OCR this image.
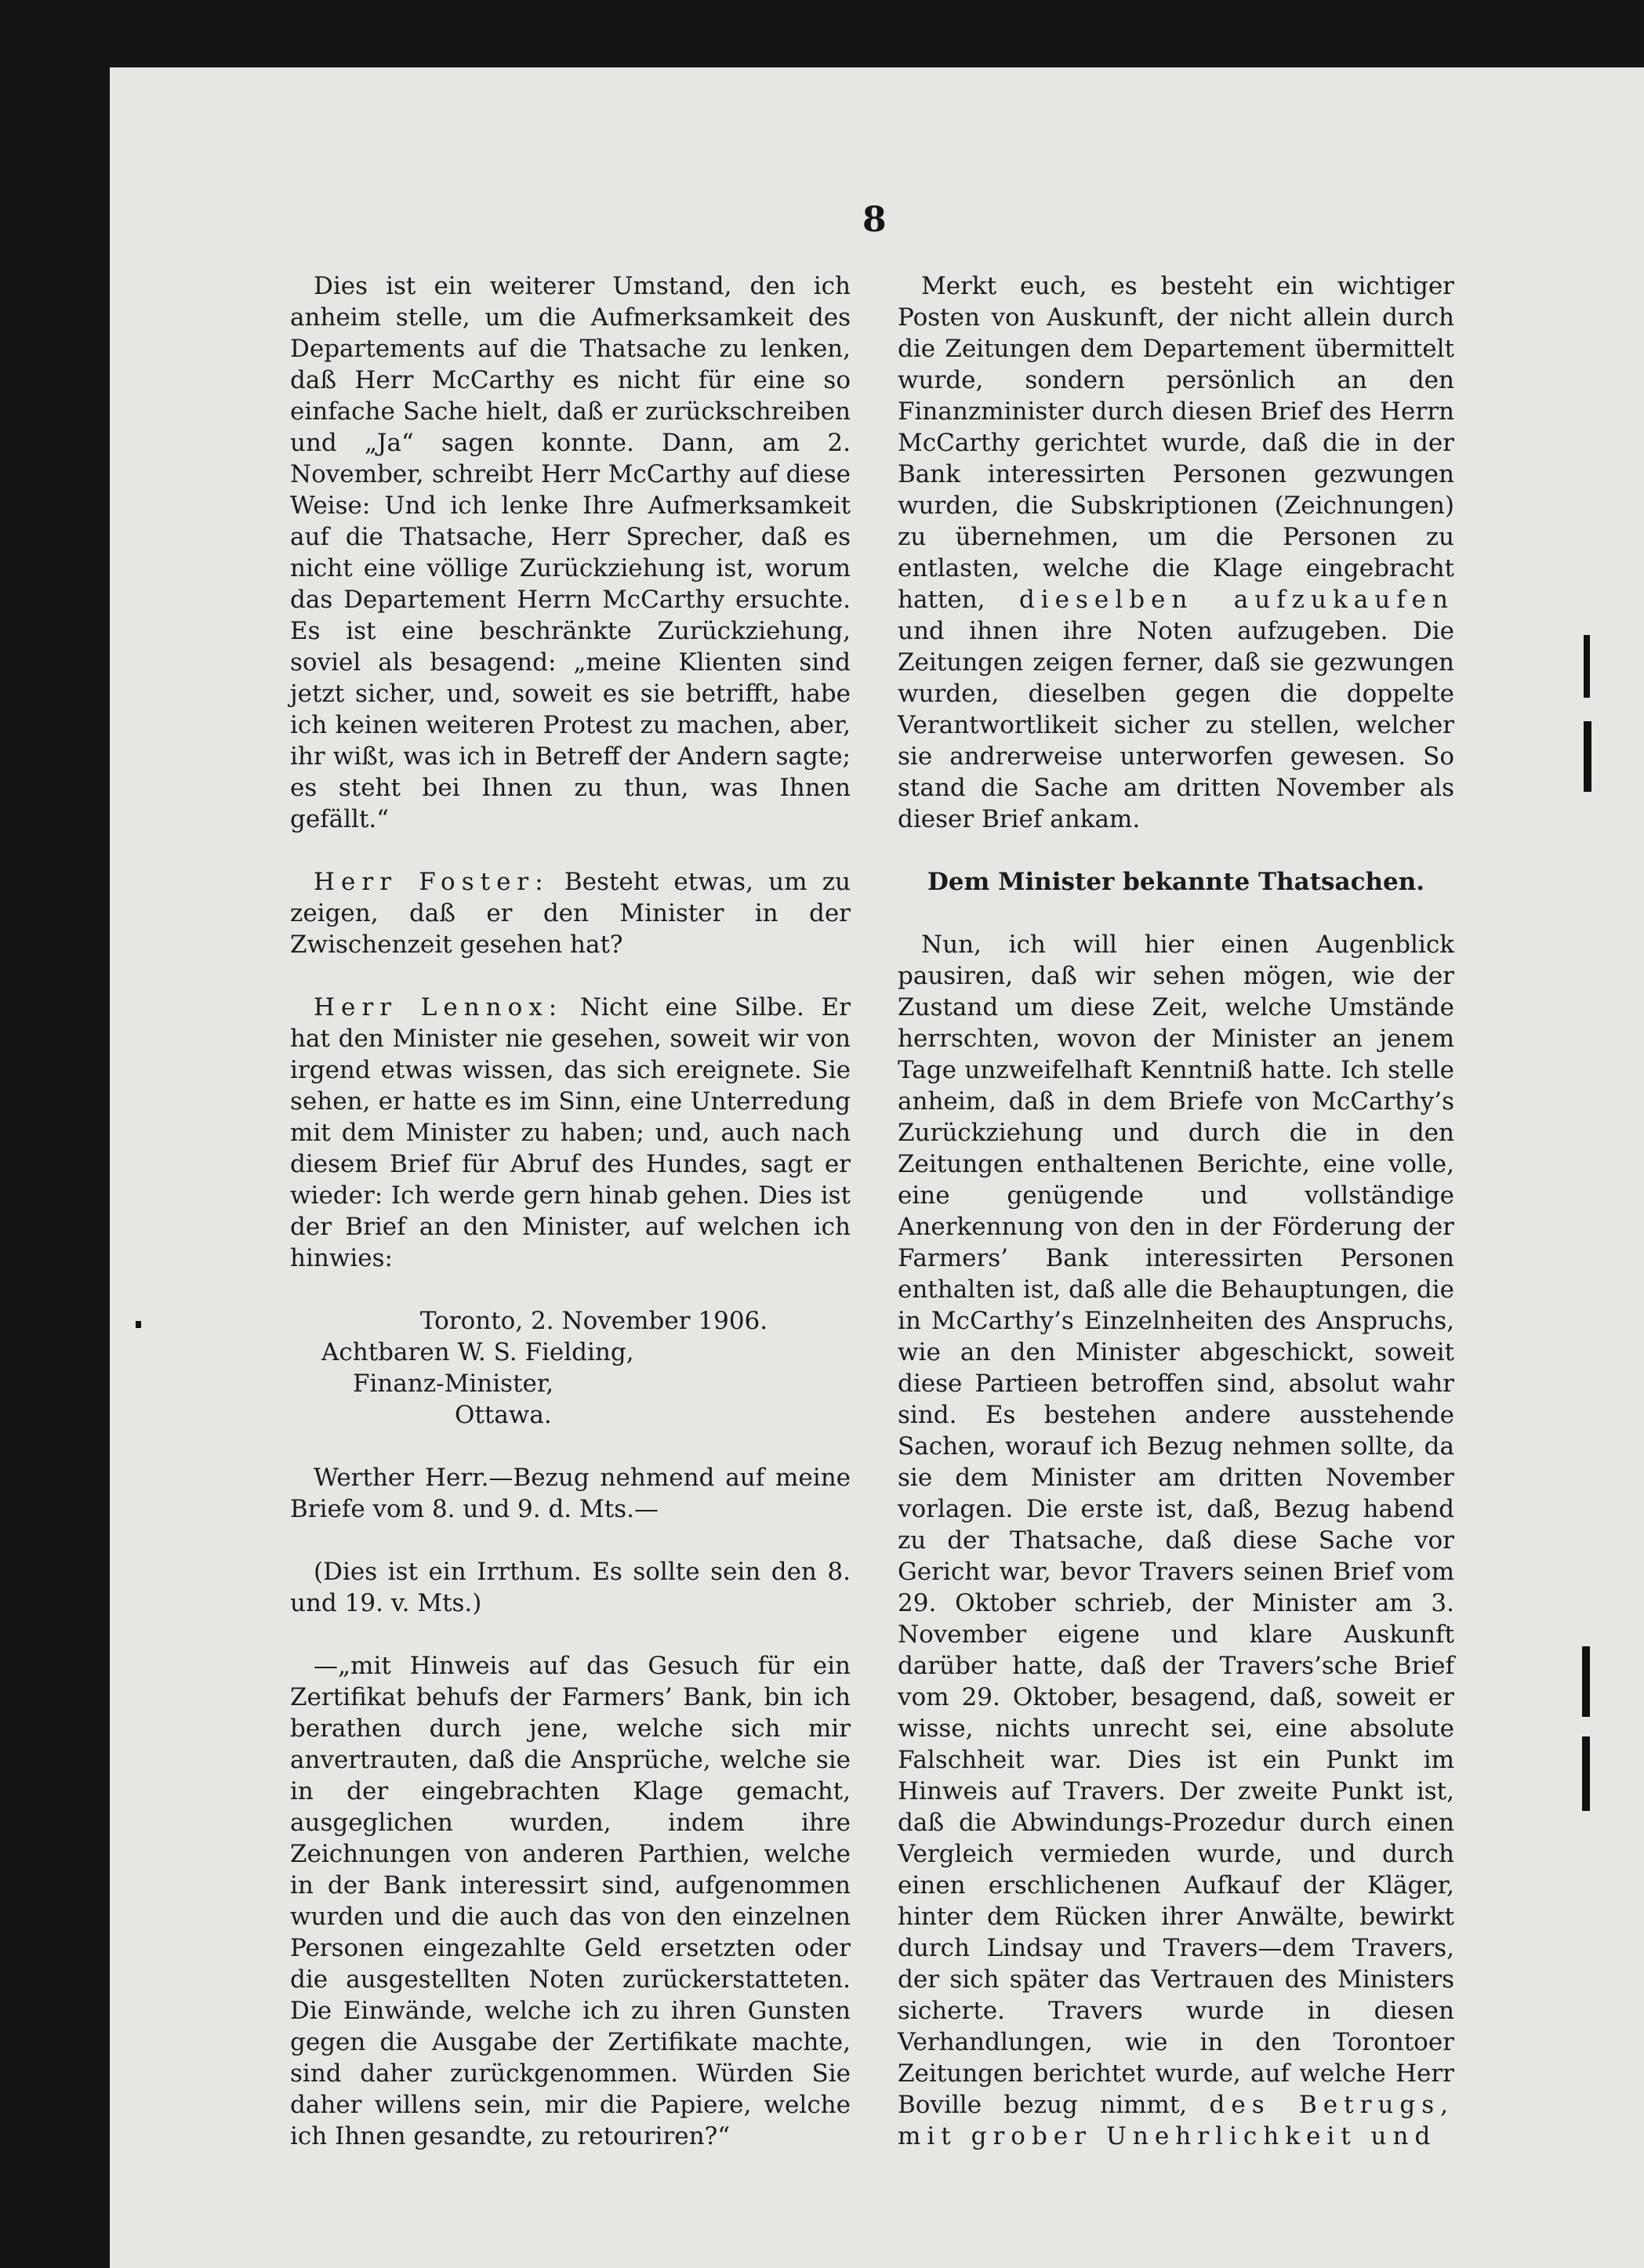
8

Dies ist ein weiterer Umstand, den ich anheim stelle, um die Aufmerksamkeit des Departements auf die Thatsache zu lenken, daß Herr McCarthy es nicht für eine so einfache Sache hielt, daß er zurückschreiben und „Ja“ sagen konnte. Dann, am 2. November, schreibt Herr McCarthy auf diese Weise: Und ich lenke Ihre Aufmerksamkeit auf die Thatsache, Herr Sprecher, daß es nicht eine völlige Zurückziehung ist, worum das Departement Herrn McCarthy ersuchte. Es ist eine beschränkte Zurückziehung, soviel als besagend: „meine Klienten sind jetzt sicher, und, soweit es sie betrifft, habe ich keinen weiteren Protest zu machen, aber, ihr wißt, was ich in Betreff der Andern sagte; es steht bei Ihnen zu thun, was Ihnen gefällt.“

Herr Foster: Besteht etwas, um zu zeigen, daß er den Minister in der Zwischenzeit gesehen hat?

Herr Lennox: Nicht eine Silbe. Er hat den Minister nie gesehen, soweit wir von irgend etwas wissen, das sich ereignete. Sie sehen, er hatte es im Sinn, eine Unterredung mit dem Minister zu haben; und, auch nach diesem Brief für Abruf des Hundes, sagt er wieder: Ich werde gern hinab gehen. Dies ist der Brief an den Minister, auf welchen ich hinwies:

Toronto, 2. November 1906.
Achtbaren W. S. Fielding,
Finanz-Minister,
Ottawa.

Werther Herr.—Bezug nehmend auf meine Briefe vom 8. und 9. d. Mts.—

(Dies ist ein Irrthum. Es sollte sein den 8. und 19. v. Mts.)

—„mit Hinweis auf das Gesuch für ein Zertifikat behufs der Farmers’ Bank, bin ich berathen durch jene, welche sich mir anvertrauten, daß die Ansprüche, welche sie in der eingebrachten Klage gemacht, ausgeglichen wurden, indem ihre Zeichnungen von anderen Parthien, welche in der Bank interessirt sind, aufgenommen wurden und die auch das von den einzelnen Personen eingezahlte Geld ersetzten oder die ausgestellten Noten zurückerstatteten. Die Einwände, welche ich zu ihren Gunsten gegen die Ausgabe der Zertifikate machte, sind daher zurückgenommen. Würden Sie daher willens sein, mir die Papiere, welche ich Ihnen gesandte, zu retouriren?“

Merkt euch, es besteht ein wichtiger Posten von Auskunft, der nicht allein durch die Zeitungen dem Departement übermittelt wurde, sondern persönlich an den Finanzminister durch diesen Brief des Herrn McCarthy gerichtet wurde, daß die in der Bank interessirten Personen gezwungen wurden, die Subskriptionen (Zeichnungen) zu übernehmen, um die Personen zu entlasten, welche die Klage eingebracht hatten, dieselben aufzukaufen und ihnen ihre Noten aufzugeben. Die Zeitungen zeigen ferner, daß sie gezwungen wurden, dieselben gegen die doppelte Verantwortlikeit sicher zu stellen, welcher sie andrerweise unterworfen gewesen. So stand die Sache am dritten November als dieser Brief ankam.

Dem Minister bekannte Thatsachen.

Nun, ich will hier einen Augenblick pausiren, daß wir sehen mögen, wie der Zustand um diese Zeit, welche Umstände herrschten, wovon der Minister an jenem Tage unzweifelhaft Kenntniß hatte. Ich stelle anheim, daß in dem Briefe von McCarthy’s Zurückziehung und durch die in den Zeitungen enthaltenen Berichte, eine volle, eine genügende und vollständige Anerkennung von den in der Förderung der Farmers’ Bank interessirten Personen enthalten ist, daß alle die Behauptungen, die in McCarthy’s Einzelnheiten des Anspruchs, wie an den Minister abgeschickt, soweit diese Partieen betroffen sind, absolut wahr sind. Es bestehen andere ausstehende Sachen, worauf ich Bezug nehmen sollte, da sie dem Minister am dritten November vorlagen. Die erste ist, daß, Bezug habend zu der Thatsache, daß diese Sache vor Gericht war, bevor Travers seinen Brief vom 29. Oktober schrieb, der Minister am 3. November eigene und klare Auskunft darüber hatte, daß der Travers’sche Brief vom 29. Oktober, besagend, daß, soweit er wisse, nichts unrecht sei, eine absolute Falschheit war. Dies ist ein Punkt im Hinweis auf Travers. Der zweite Punkt ist, daß die Abwindungs-Prozedur durch einen Vergleich vermieden wurde, und durch einen erschlichenen Aufkauf der Kläger, hinter dem Rücken ihrer Anwälte, bewirkt durch Lindsay und Travers—dem Travers, der sich später das Vertrauen des Ministers sicherte. Travers wurde in diesen Verhandlungen, wie in den Torontoer Zeitungen berichtet wurde, auf welche Herr Boville bezug nimmt, des Betrugs, mit grober Unehrlichkeit und
